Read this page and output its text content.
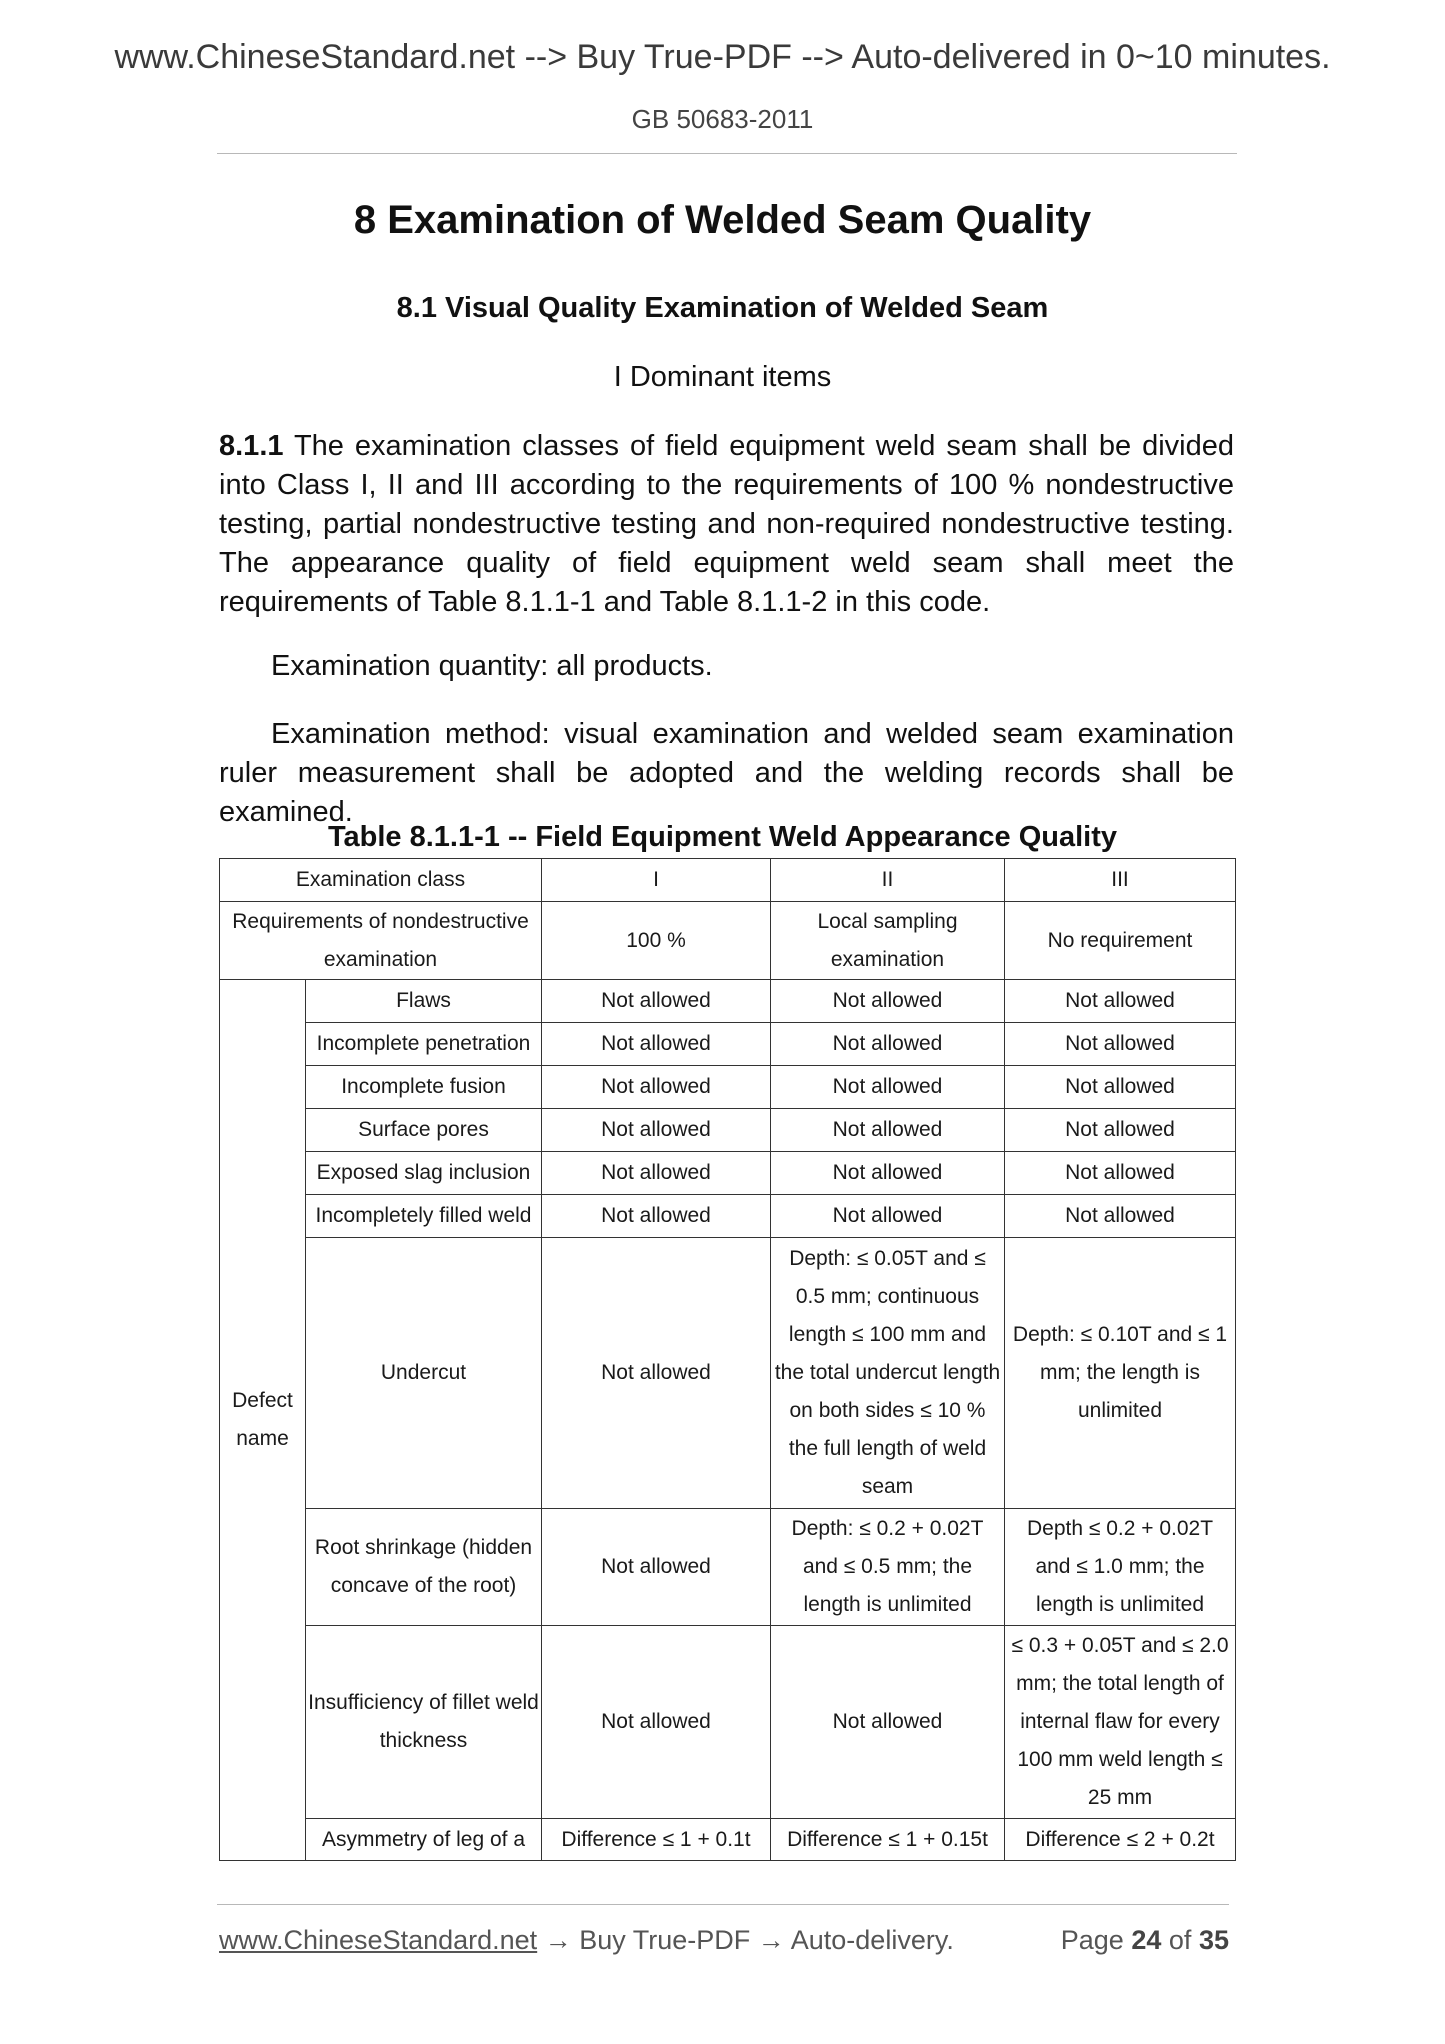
www.ChineseStandard.net --> Buy True-PDF --> Auto-delivered in 0~10 minutes.
GB 50683-2011
8 Examination of Welded Seam Quality
8.1 Visual Quality Examination of Welded Seam
I Dominant items
8.1.1 The examination classes of field equipment weld seam shall be divided into Class I, II and III according to the requirements of 100 % nondestructive testing, partial nondestructive testing and non-required nondestructive testing. The appearance quality of field equipment weld seam shall meet the requirements of Table 8.1.1-1 and Table 8.1.1-2 in this code.
Examination quantity: all products.
Examination method: visual examination and welded seam examination ruler measurement shall be adopted and the welding records shall be examined.
Table 8.1.1-1 -- Field Equipment Weld Appearance Quality
Examination class		I	II	III
Requirements of nondestructive examination		100 %	Local sampling examination	No requirement
Defect name	Flaws	Not allowed	Not allowed	Not allowed
	Incomplete penetration	Not allowed	Not allowed	Not allowed
	Incomplete fusion	Not allowed	Not allowed	Not allowed
	Surface pores	Not allowed	Not allowed	Not allowed
	Exposed slag inclusion	Not allowed	Not allowed	Not allowed
	Incompletely filled weld	Not allowed	Not allowed	Not allowed
	Undercut	Not allowed	Depth: ≤ 0.05T and ≤ 0.5 mm; continuous length ≤ 100 mm and the total undercut length on both sides ≤ 10 % the full length of weld seam	Depth: ≤ 0.10T and ≤ 1 mm; the length is unlimited
	Root shrinkage (hidden concave of the root)	Not allowed	Depth: ≤ 0.2 + 0.02T and ≤ 0.5 mm; the length is unlimited	Depth ≤ 0.2 + 0.02T and ≤ 1.0 mm; the length is unlimited
	Insufficiency of fillet weld thickness	Not allowed	Not allowed	≤ 0.3 + 0.05T and ≤ 2.0 mm; the total length of internal flaw for every 100 mm weld length ≤ 25 mm
	Asymmetry of leg of a	Difference ≤ 1 + 0.1t	Difference ≤ 1 + 0.15t	Difference ≤ 2 + 0.2t
www.ChineseStandard.net → Buy True-PDF → Auto-delivery.	Page 24 of 35
